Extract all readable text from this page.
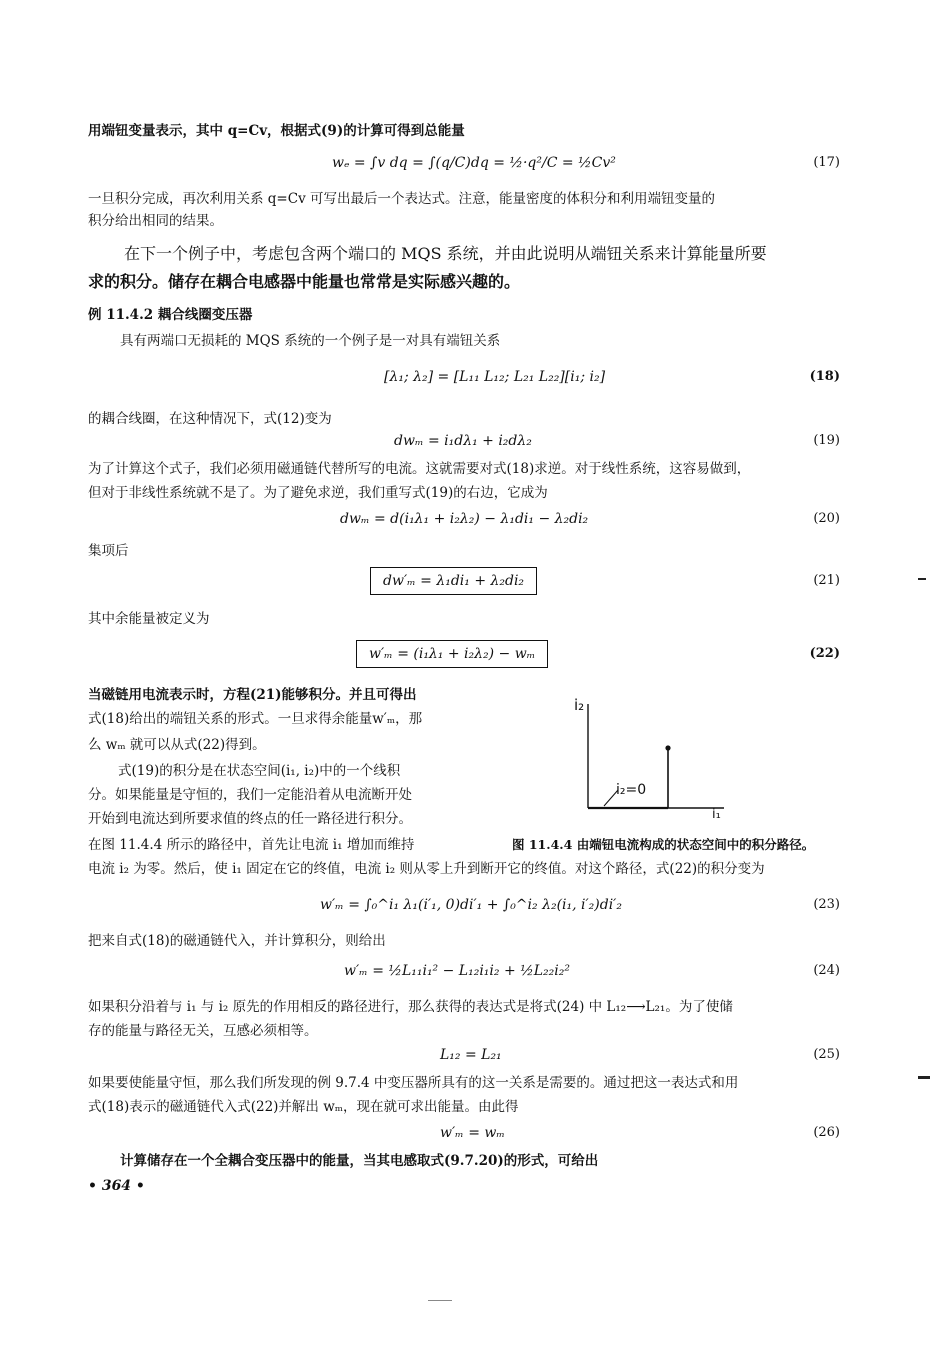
用端钮变量表示，其中 q=Cv，根据式(9)的计算可得到总能量
wₑ = ∫v dq = ∫(q/C)dq = ½·q²/C = ½Cv²	(17)
一旦积分完成，再次利用关系 q=Cv 可写出最后一个表达式。注意，能量密度的体积分和利用端钮变量的
积分给出相同的结果。
在下一个例子中，考虑包含两个端口的 MQS 系统，并由此说明从端钮关系来计算能量所要
求的积分。储存在耦合电感器中能量也常常是实际感兴趣的。
例 11.4.2 耦合线圈变压器
具有两端口无损耗的 MQS 系统的一个例子是一对具有端钮关系
[λ₁; λ₂] = [L₁₁ L₁₂; L₂₁ L₂₂][i₁; i₂]	(18)
的耦合线圈，在这种情况下，式(12)变为
dwₘ = i₁dλ₁ + i₂dλ₂	(19)
为了计算这个式子，我们必须用磁通链代替所写的电流。这就需要对式(18)求逆。对于线性系统，这容易做到，
但对于非线性系统就不是了。为了避免求逆，我们重写式(19)的右边，它成为
dwₘ = d(i₁λ₁ + i₂λ₂) − λ₁di₁ − λ₂di₂	(20)
集项后
dw′ₘ = λ₁di₁ + λ₂di₂	(21)
其中余能量被定义为
w′ₘ = (i₁λ₁ + i₂λ₂) − wₘ	(22)
当磁链用电流表示时，方程(21)能够积分。并且可得出
式(18)给出的端钮关系的形式。一旦求得余能量w′ₘ，那
么 wₘ 就可以从式(22)得到。
式(19)的积分是在状态空间(i₁, i₂)中的一个线积
分。如果能量是守恒的，我们一定能沿着从电流断开处
开始到电流达到所要求值的终点的任一路径进行积分。
在图 11.4.4 所示的路径中，首先让电流 i₁ 增加而维持
i₂
i₁
i₂=0
图 11.4.4 由端钮电流构成的状态空间中的积分路径。
电流 i₂ 为零。然后，使 i₁ 固定在它的终值，电流 i₂ 则从零上升到断开它的终值。对这个路径，式(22)的积分变为
w′ₘ = ∫₀^i₁ λ₁(i′₁, 0)di′₁ + ∫₀^i₂ λ₂(i₁, i′₂)di′₂	(23)
把来自式(18)的磁通链代入，并计算积分，则给出
w′ₘ = ½L₁₁i₁² − L₁₂i₁i₂ + ½L₂₂i₂²	(24)
如果积分沿着与 i₁ 与 i₂ 原先的作用相反的路径进行，那么获得的表达式是将式(24) 中 L₁₂⟶L₂₁。为了使储
存的能量与路径无关，互感必须相等。
L₁₂ = L₂₁	(25)
如果要使能量守恒，那么我们所发现的例 9.7.4 中变压器所具有的这一关系是需要的。通过把这一表达式和用
式(18)表示的磁通链代入式(22)并解出 wₘ，现在就可求出能量。由此得
w′ₘ = wₘ	(26)
计算储存在一个全耦合变压器中的能量，当其电感取式(9.7.20)的形式，可给出
• 364 •
